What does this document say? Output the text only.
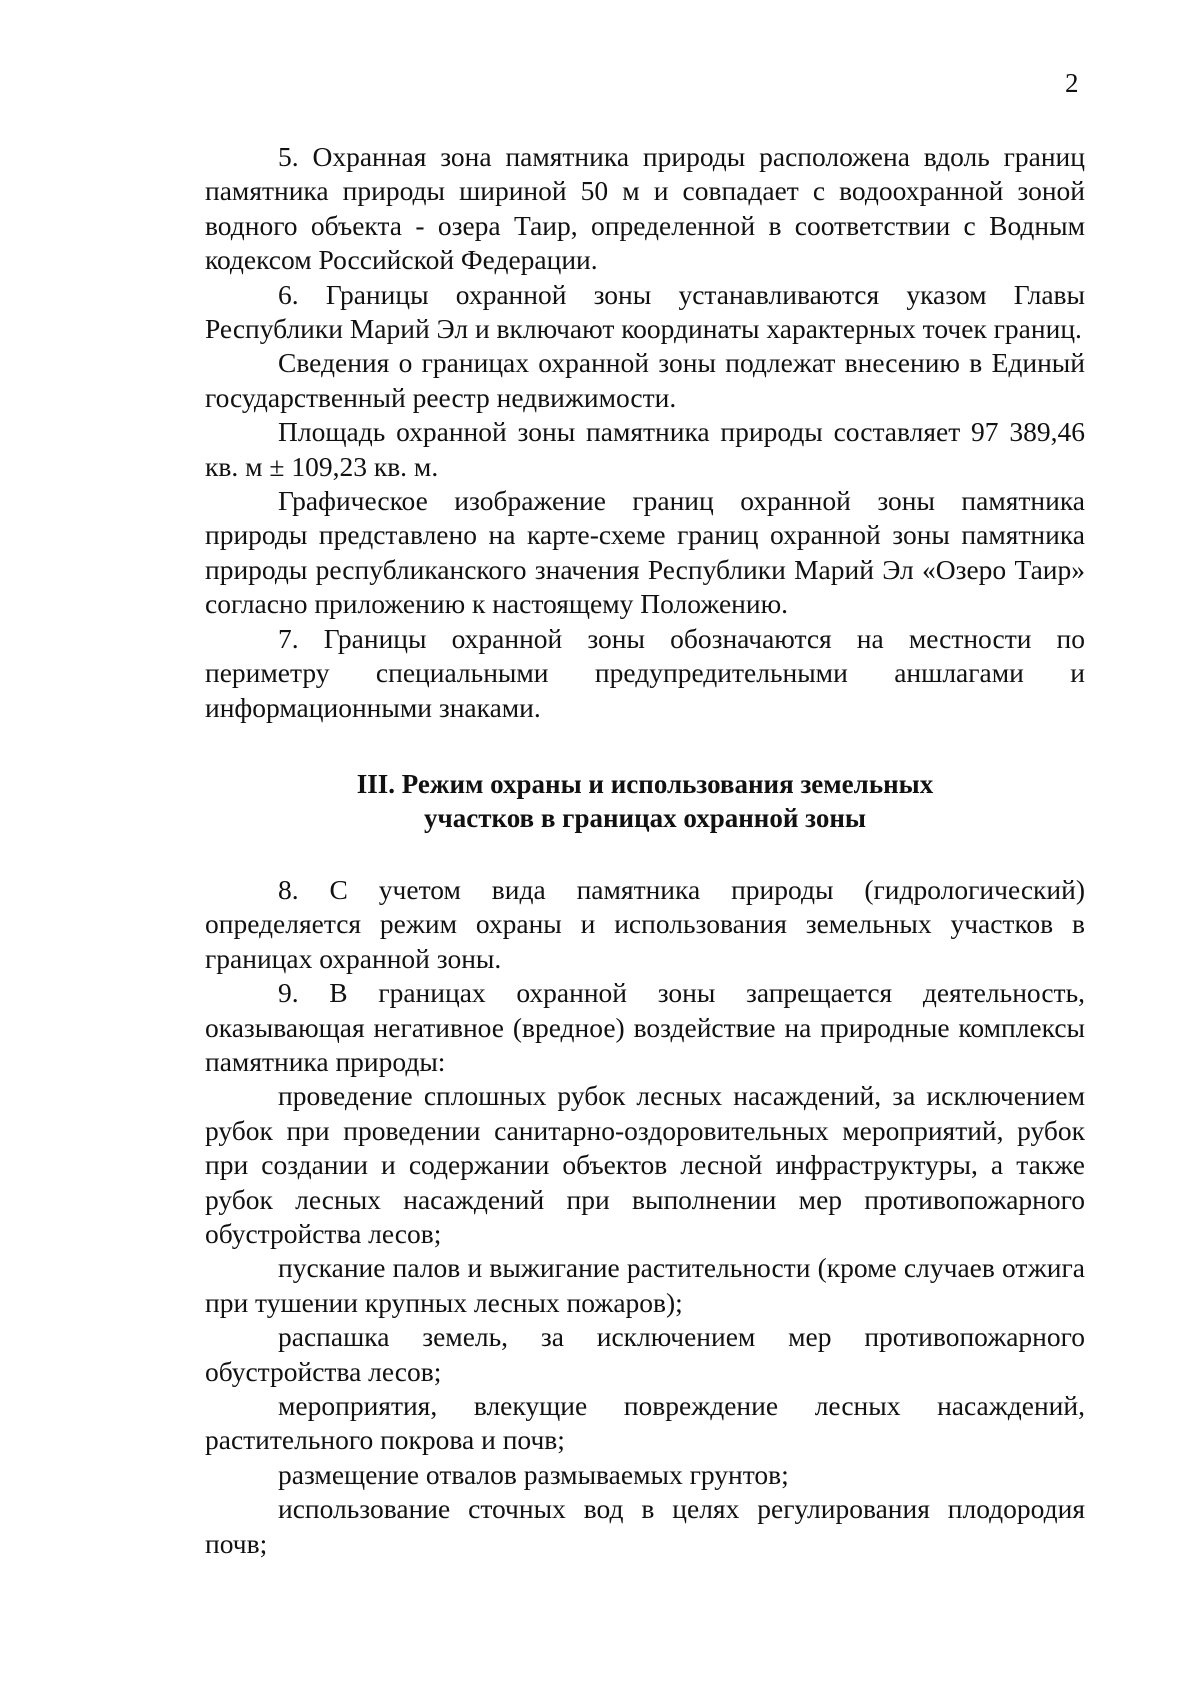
2

5. Охранная зона памятника природы расположена вдоль границ памятника природы шириной 50 м и совпадает с водоохранной зоной водного объекта - озера Таир, определенной в соответствии с Водным кодексом Российской Федерации.

6. Границы охранной зоны устанавливаются указом Главы Республики Марий Эл и включают координаты характерных точек границ.

Сведения о границах охранной зоны подлежат внесению в Единый государственный реестр недвижимости.

Площадь охранной зоны памятника природы составляет 97 389,46 кв. м ± 109,23 кв. м.

Графическое изображение границ охранной зоны памятника природы представлено на карте-схеме границ охранной зоны памятника природы республиканского значения Республики Марий Эл «Озеро Таир» согласно приложению к настоящему Положению.

7. Границы охранной зоны обозначаются на местности по периметру специальными предупредительными аншлагами и информационными знаками.

III. Режим охраны и использования земельных
участков в границах охранной зоны

8. С учетом вида памятника природы (гидрологический) определяется режим охраны и использования земельных участков в границах охранной зоны.

9. В границах охранной зоны запрещается деятельность, оказывающая негативное (вредное) воздействие на природные комплексы памятника природы:

проведение сплошных рубок лесных насаждений, за исключением рубок при проведении санитарно-оздоровительных мероприятий, рубок при создании и содержании объектов лесной инфраструктуры, а также рубок лесных насаждений при выполнении мер противопожарного обустройства лесов;

пускание палов и выжигание растительности (кроме случаев отжига при тушении крупных лесных пожаров);

распашка земель, за исключением мер противопожарного обустройства лесов;

мероприятия, влекущие повреждение лесных насаждений, растительного покрова и почв;

размещение отвалов размываемых грунтов;

использование сточных вод в целях регулирования плодородия почв;
